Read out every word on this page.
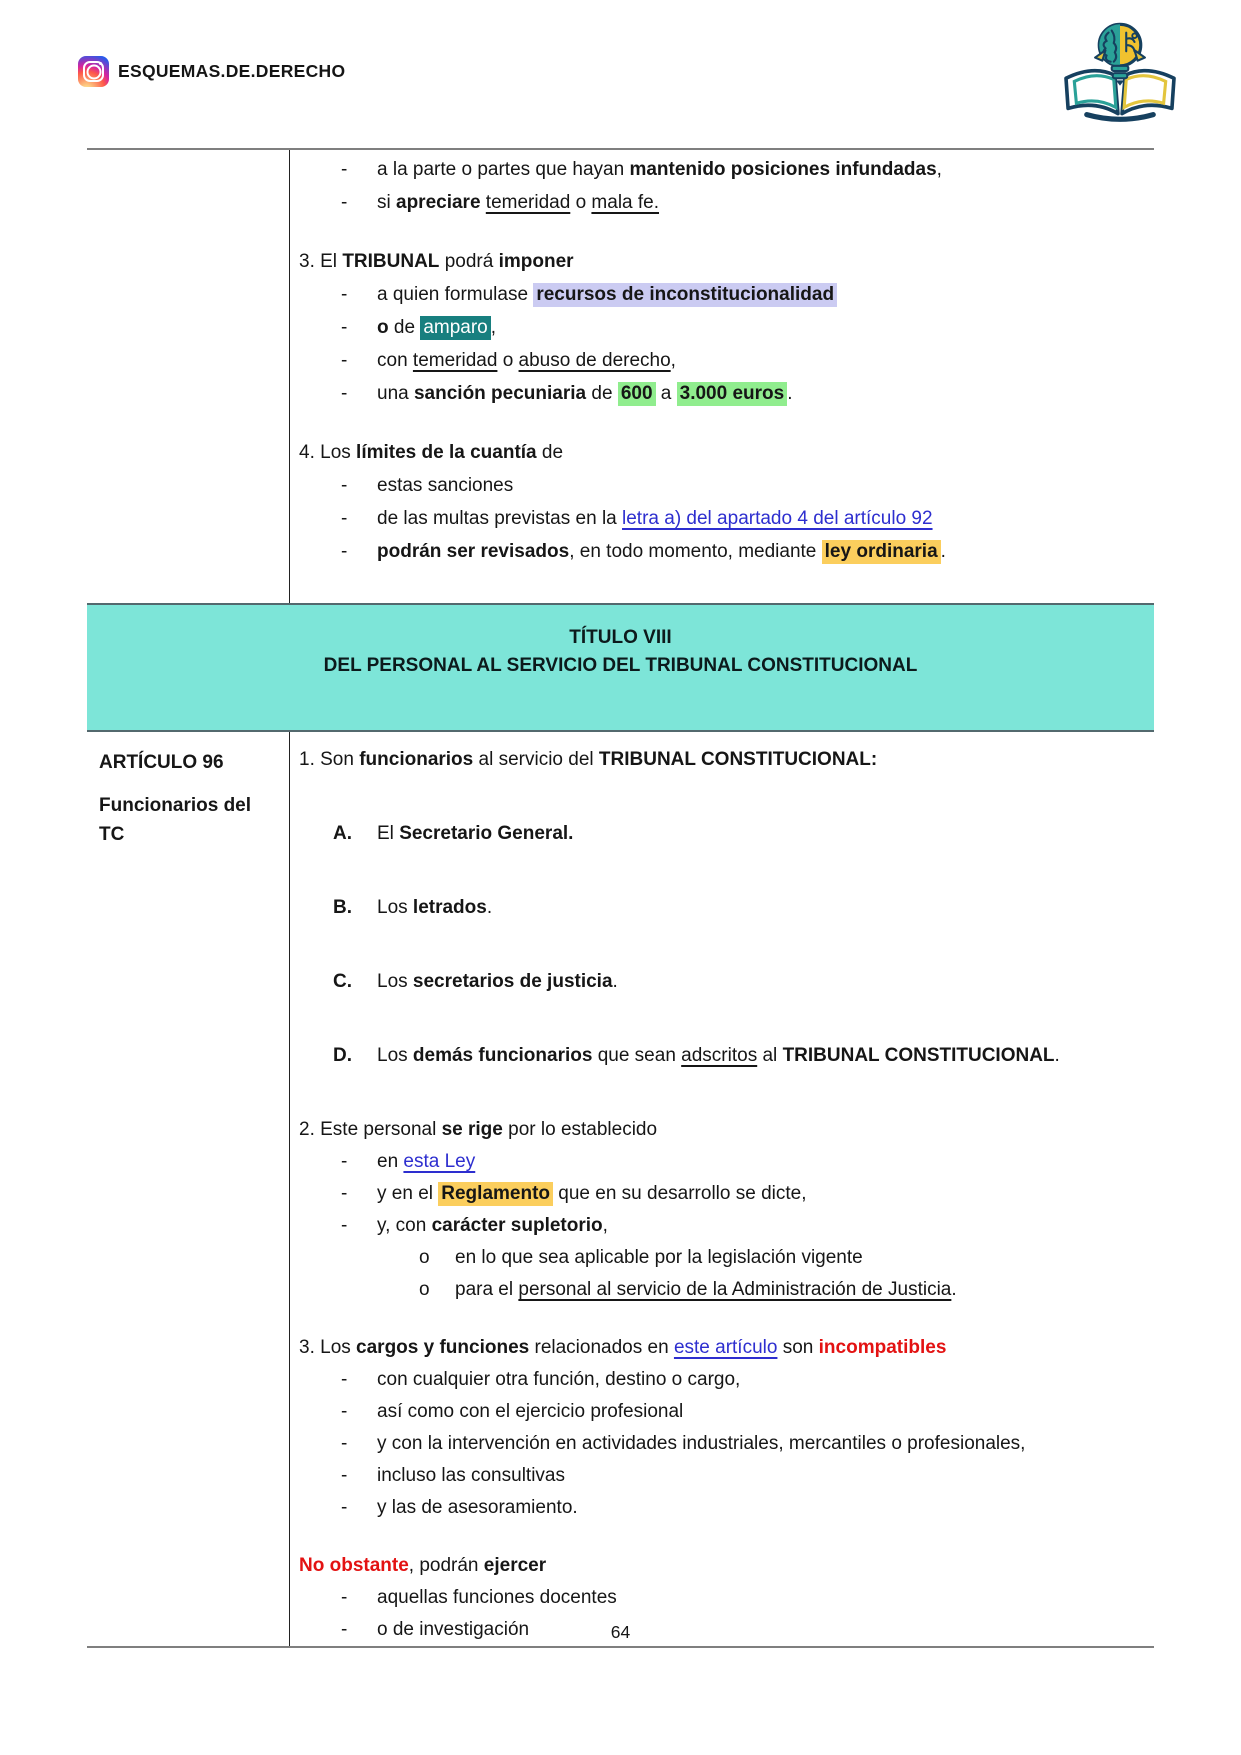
ESQUEMAS.DE.DERECHO
-	a la parte o partes que hayan mantenido posiciones infundadas,
-	si apreciare temeridad o mala fe.
3. El TRIBUNAL podrá imponer
-	a quien formulase recursos de inconstitucionalidad
-	o de amparo ,
-	con temeridad o abuso de derecho,
-	una sanción pecuniaria de 600 a 3.000 euros .
4. Los límites de la cuantía de
-	estas sanciones
-	de las multas previstas en la letra a) del apartado 4 del artículo 92
-	podrán ser revisados, en todo momento, mediante ley ordinaria .
TÍTULO VIII
DEL PERSONAL AL SERVICIO DEL TRIBUNAL CONSTITUCIONAL
ARTÍCULO 96
Funcionarios del TC
1. Son funcionarios al servicio del TRIBUNAL CONSTITUCIONAL:
A.	El Secretario General.
B.	Los letrados.
C.	Los secretarios de justicia.
D.	Los demás funcionarios que sean adscritos al TRIBUNAL CONSTITUCIONAL.
2. Este personal se rige por lo establecido
-	en esta Ley
-	y en el Reglamento que en su desarrollo se dicte,
-	y, con carácter supletorio,
o	en lo que sea aplicable por la legislación vigente
o	para el personal al servicio de la Administración de Justicia.
3. Los cargos y funciones relacionados en este artículo son incompatibles
-	con cualquier otra función, destino o cargo,
-	así como con el ejercicio profesional
-	y con la intervención en actividades industriales, mercantiles o profesionales,
-	incluso las consultivas
-	y las de asesoramiento.
No obstante, podrán ejercer
-	aquellas funciones docentes
-	o de investigación	64
